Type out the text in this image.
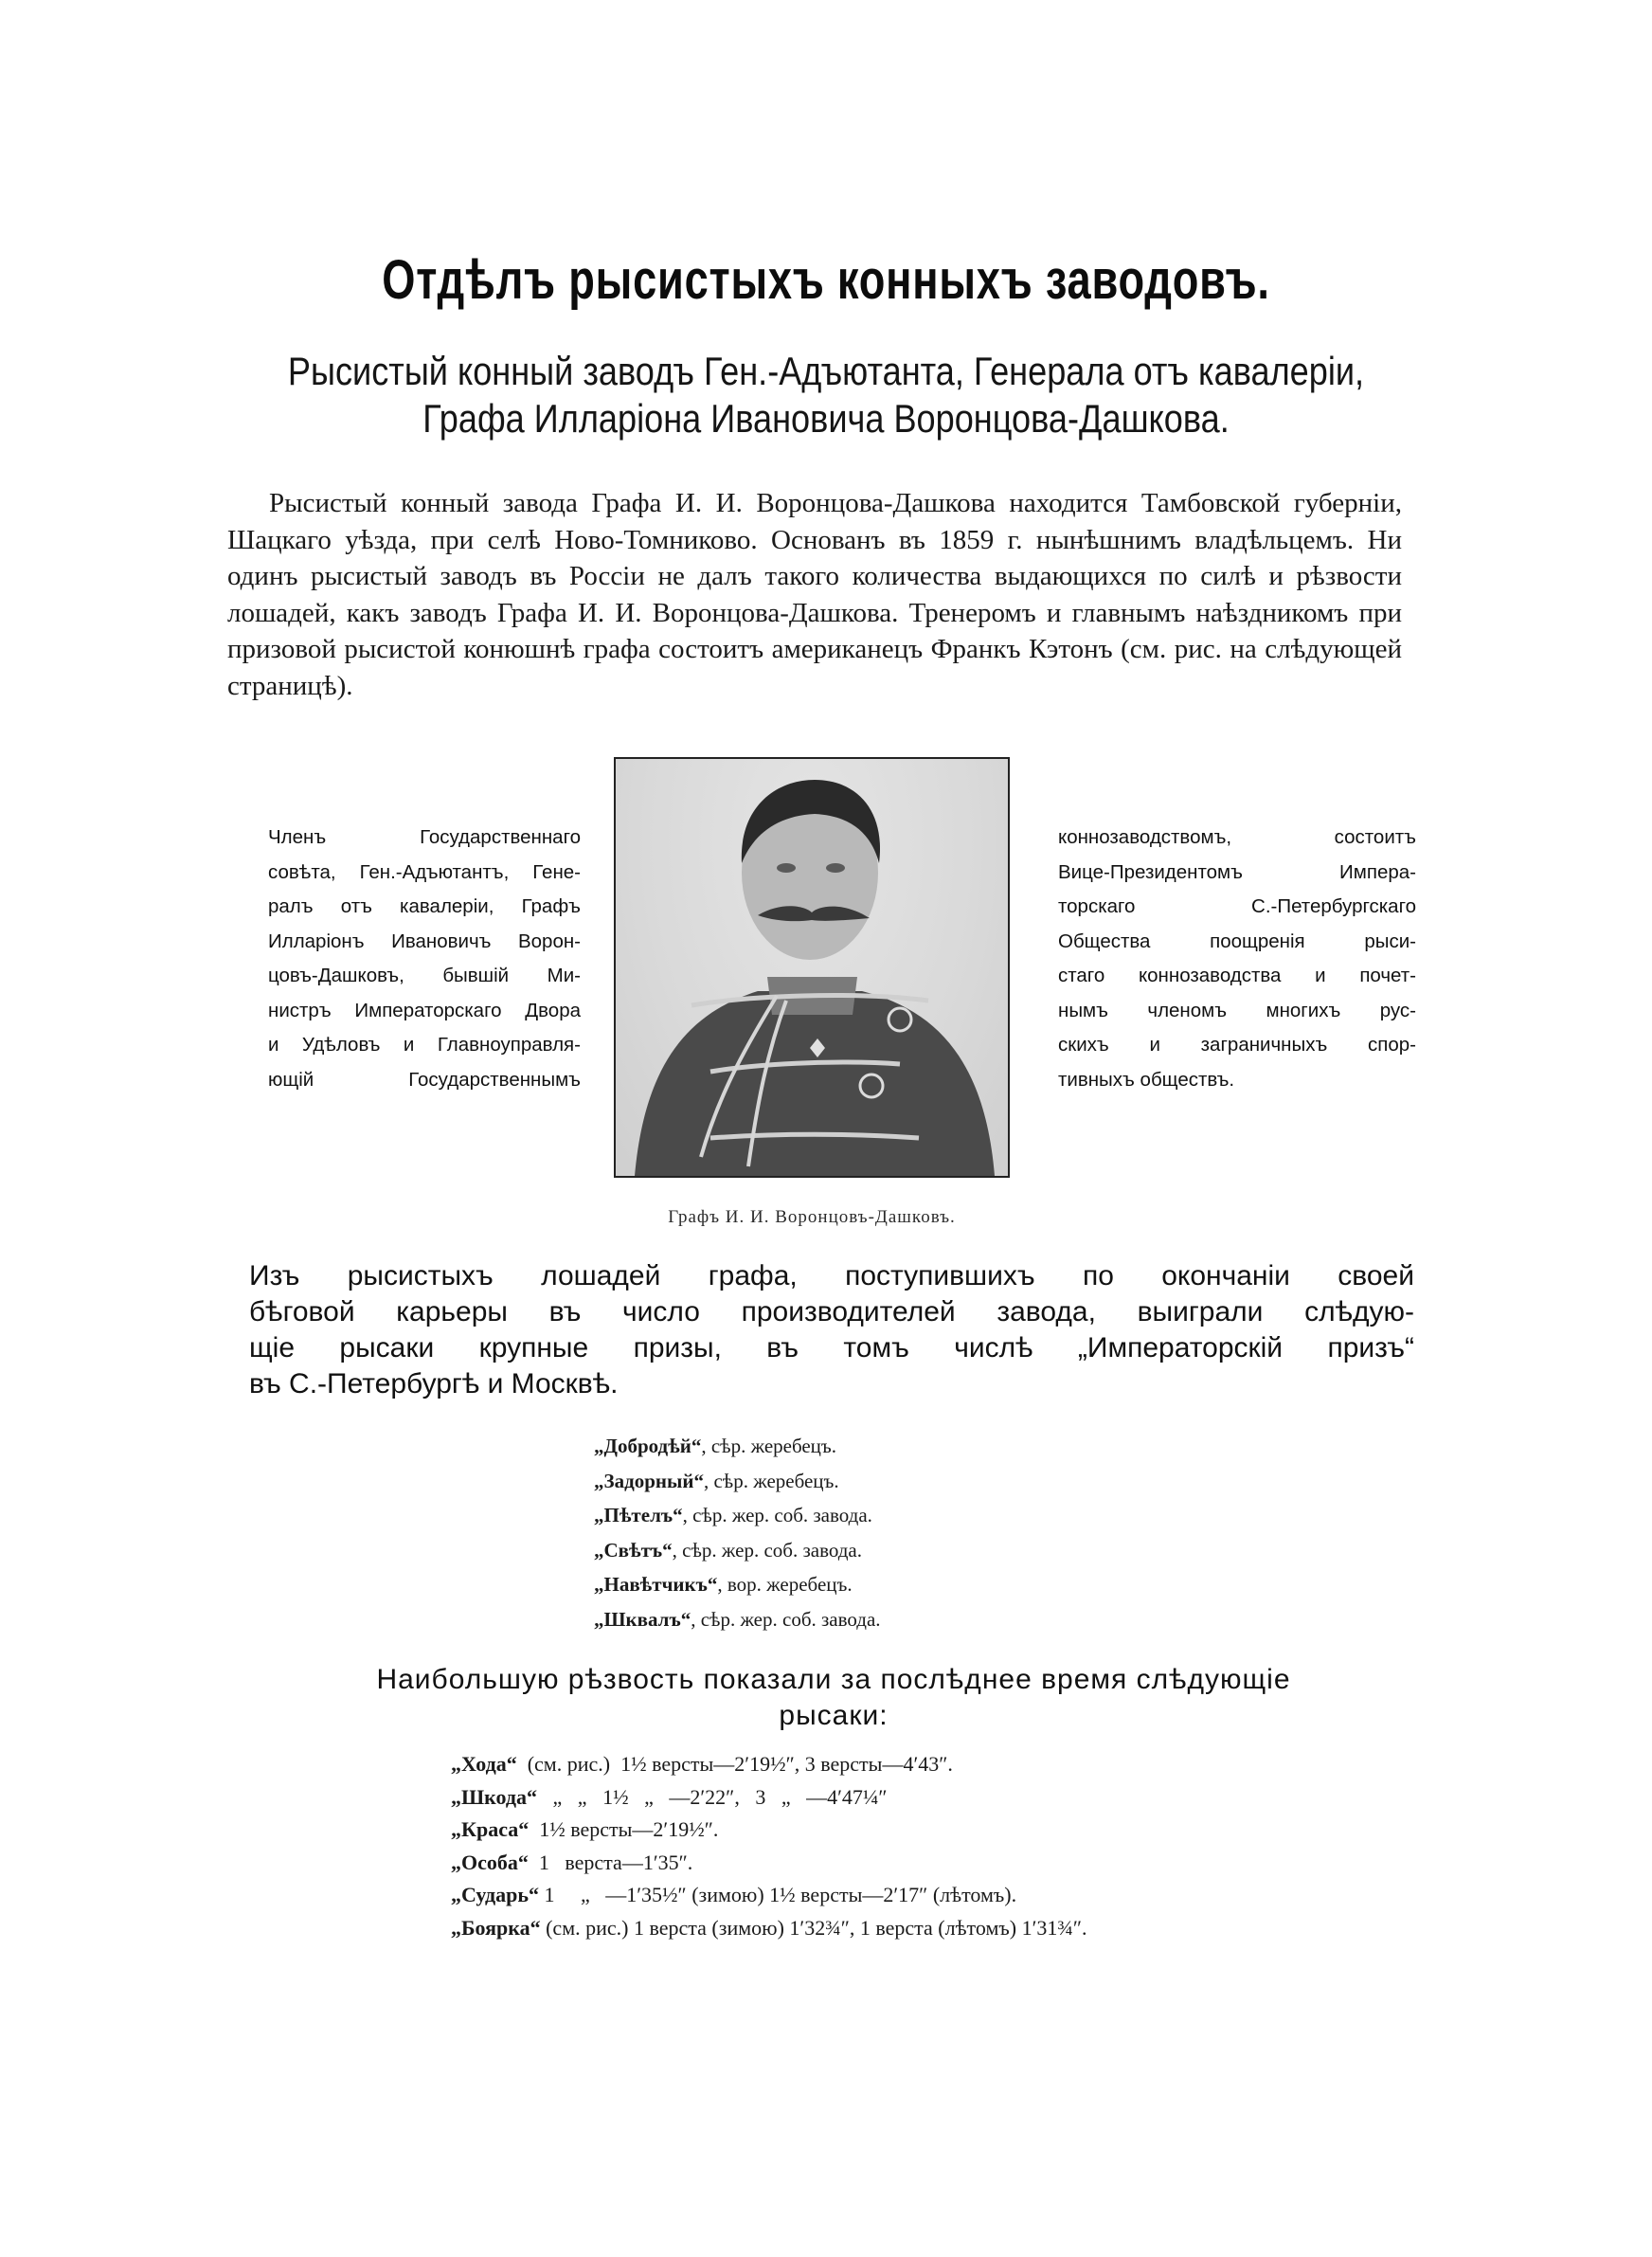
Отдѣлъ рысистыхъ конныхъ заводовъ.
Рысистый конный заводъ Ген.-Адъютанта, Генерала отъ кавалеріи,
Графа Илларіона Ивановича Воронцова-Дашкова.

Рысистый конный завода Графа И. И. Воронцова-Дашкова находится Тамбовской губерніи, Шацкаго уѣзда, при селѣ Ново-Томниково. Основанъ въ 1859 г. нынѣшнимъ владѣльцемъ. Ни одинъ рысистый заводъ въ Россіи не далъ такого количества выдающихся по силѣ и рѣзвости лошадей, какъ заводъ Графа И. И. Воронцова-Дашкова. Тренеромъ и главнымъ наѣздникомъ при призовой рысистой конюшнѣ графа состоитъ американецъ Франкъ Кэтонъ (см. рис. на слѣдующей страницѣ).

Членъ Государственнаго
совѣта, Ген.-Адъютантъ, Гене-
ралъ отъ кавалеріи, Графъ
Илларіонъ Ивановичъ Ворон-
цовъ-Дашковъ, бывшій Ми-
нистръ Императорскаго Двора
и Удѣловъ и Главноуправля-
ющій Государственнымъ
Графъ И. И. Воронцовъ-Дашковъ.
коннозаводствомъ, состоитъ
Вице-Президентомъ Импера-
торскаго С.-Петербургскаго
Общества поощренія рыси-
стаго коннозаводства и почет-
нымъ членомъ многихъ рус-
скихъ и заграничныхъ спор-
тивныхъ обществъ.
Изъ рысистыхъ лошадей графа, поступившихъ по окончаніи своей
бѣговой карьеры въ число производителей завода, выиграли слѣдую-
щіе рысаки крупные призы, въ томъ числѣ „Императорскій призъ“
въ С.-Петербургѣ и Москвѣ.
„Добродѣй“, сѣр. жеребецъ.
„Задорный“, сѣр. жеребецъ.
„Пѣтелъ“, сѣр. жер. соб. завода.
„Свѣтъ“, сѣр. жер. соб. завода.
„Навѣтчикъ“, вор. жеребецъ.
„Шквалъ“, сѣр. жер. соб. завода.
Наибольшую рѣзвость показали за послѣднее время слѣдующіе
рысаки:
„Хода“  (см. рис.)  1½ версты—2′19½″, 3 версты—4′43″.
„Шкода“   „   „   1½   „   —2′22″,   3   „   —4′47¼″
„Краса“  1½ версты—2′19½″.
„Особа“  1   верста—1′35″.
„Сударь“ 1     „   —1′35½″ (зимою) 1½ версты—2′17″ (лѣтомъ).
„Боярка“ (см. рис.) 1 верста (зимою) 1′32¾″, 1 верста (лѣтомъ) 1′31¾″.
